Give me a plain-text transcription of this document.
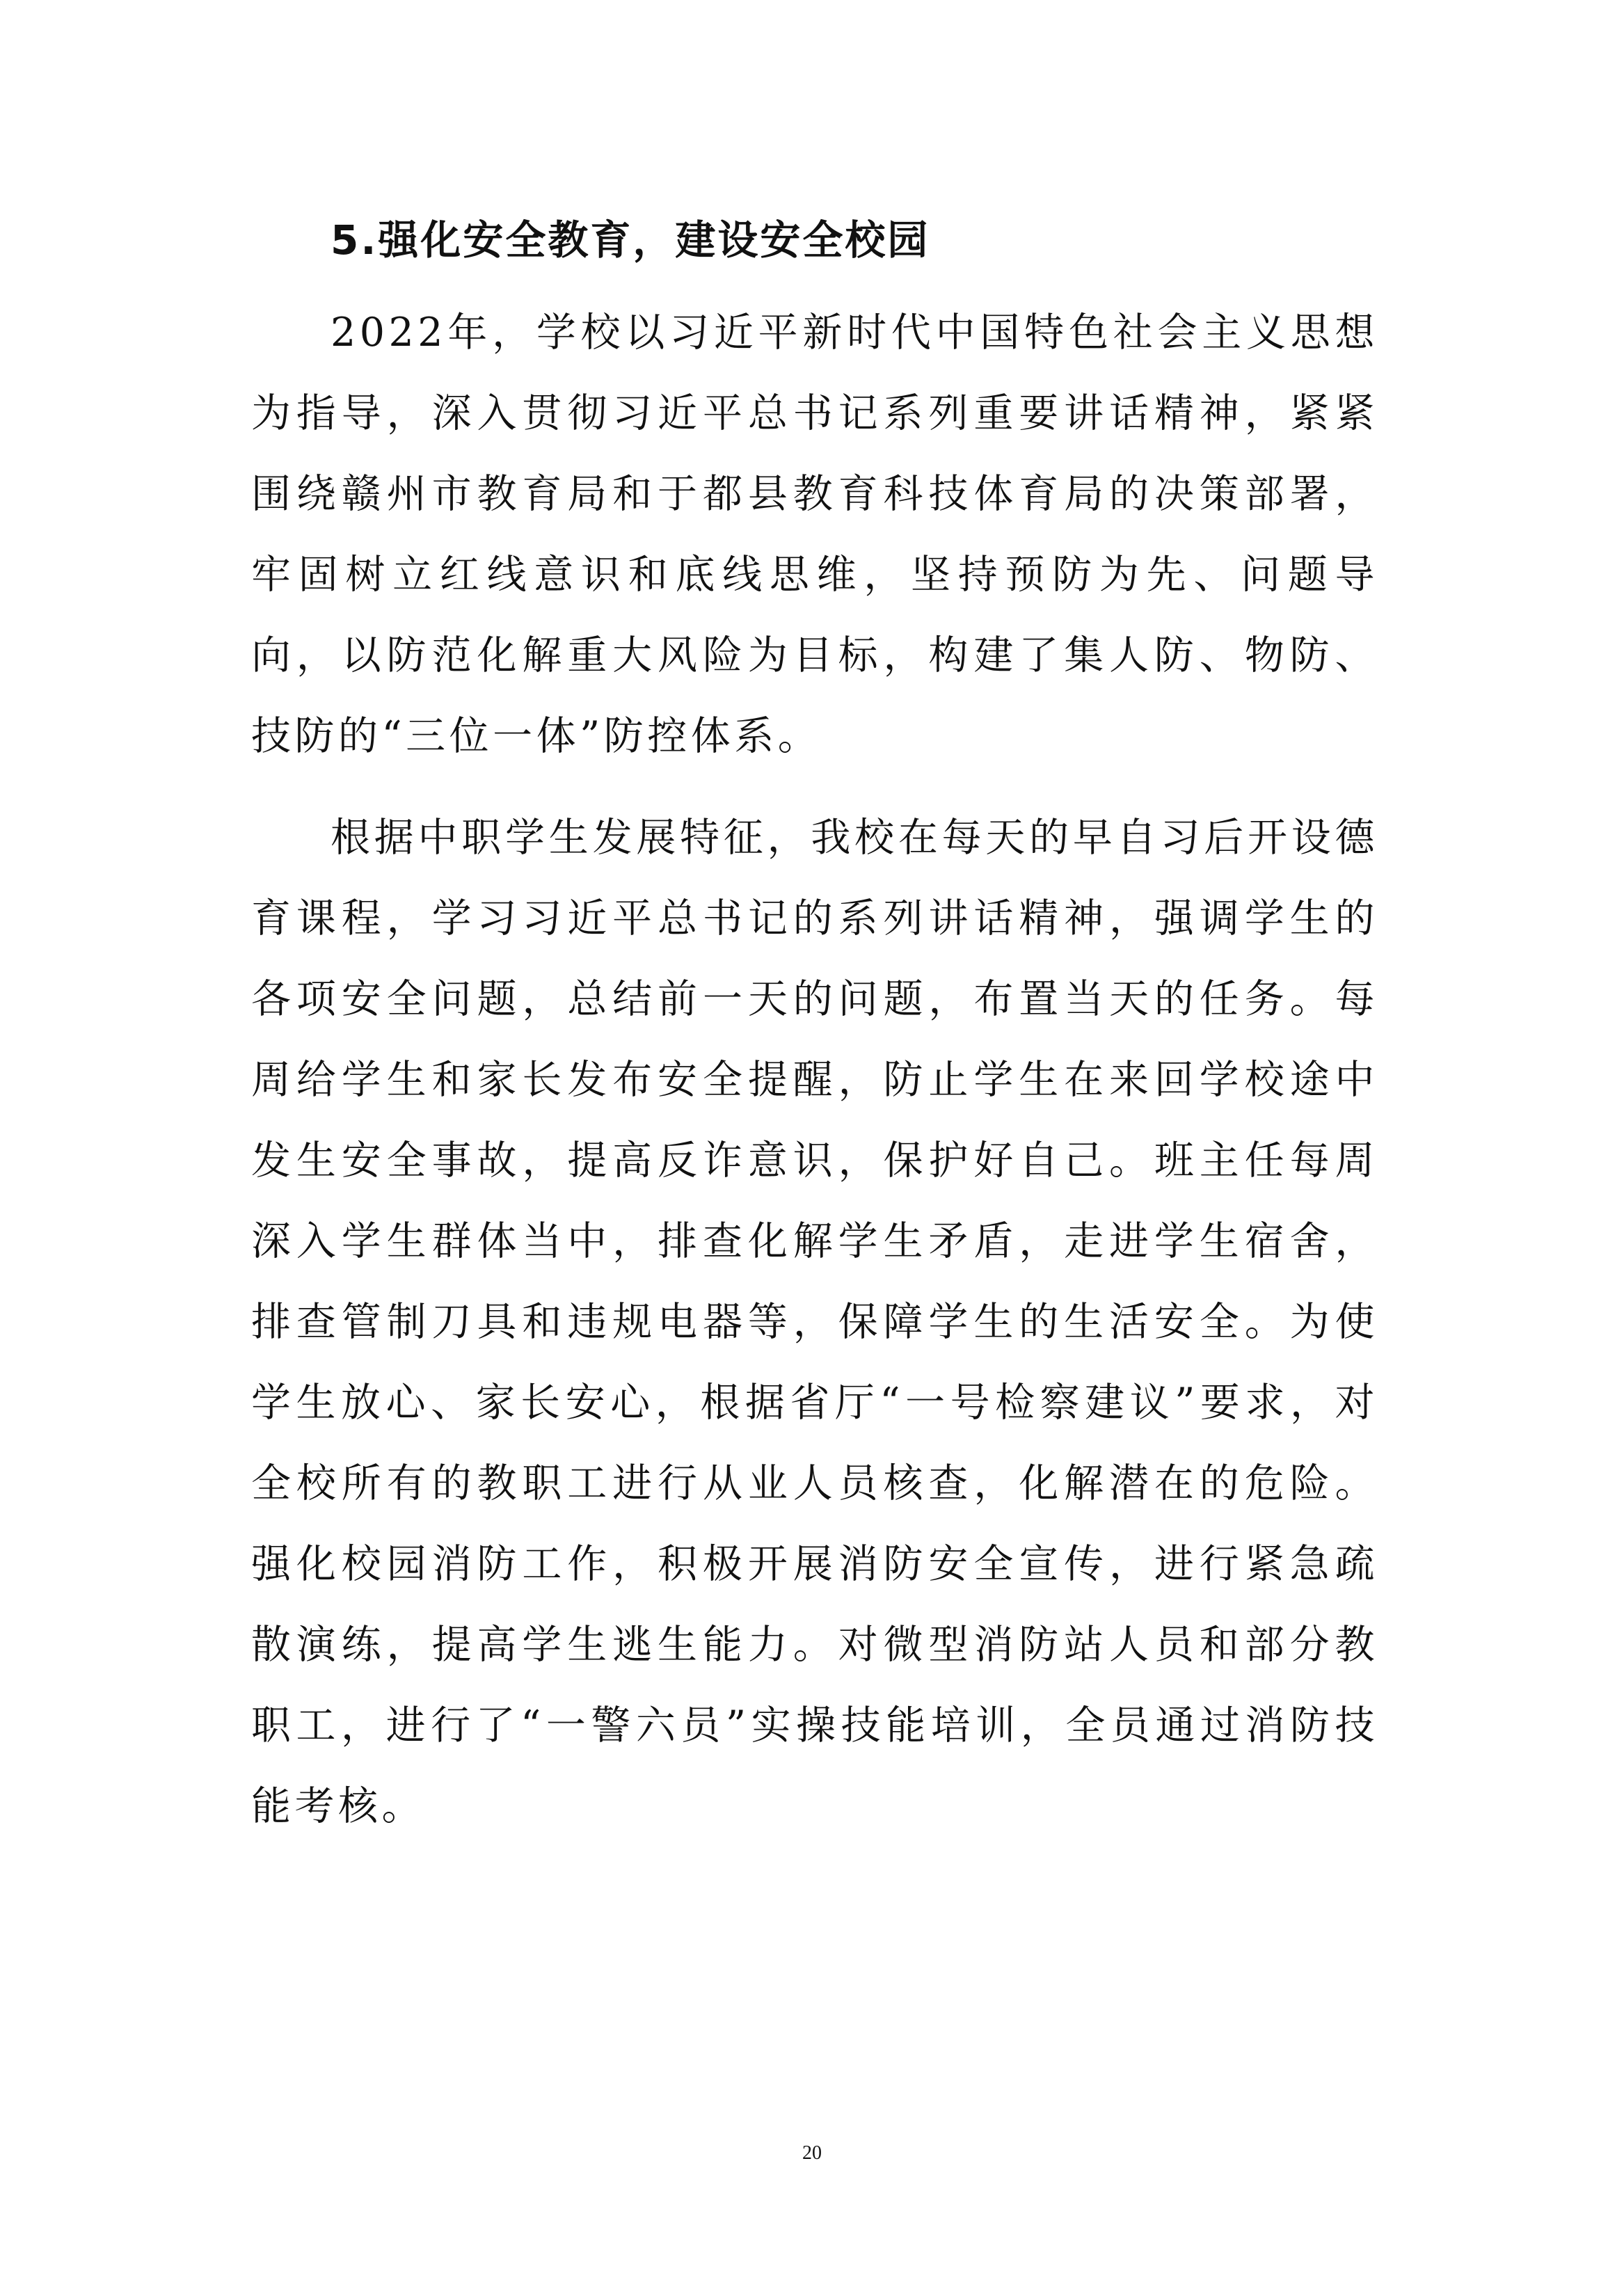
5.强化安全教育，建设安全校园

2022年，学校以习近平新时代中国特色社会主义思想为指导，深入贯彻习近平总书记系列重要讲话精神，紧紧围绕赣州市教育局和于都县教育科技体育局的决策部署，牢固树立红线意识和底线思维，坚持预防为先、问题导向，以防范化解重大风险为目标，构建了集人防、物防、技防的“三位一体”防控体系。

根据中职学生发展特征，我校在每天的早自习后开设德育课程，学习习近平总书记的系列讲话精神，强调学生的各项安全问题，总结前一天的问题，布置当天的任务。每周给学生和家长发布安全提醒，防止学生在来回学校途中发生安全事故，提高反诈意识，保护好自己。班主任每周深入学生群体当中，排查化解学生矛盾，走进学生宿舍，排查管制刀具和违规电器等，保障学生的生活安全。为使学生放心、家长安心，根据省厅“一号检察建议”要求，对全校所有的教职工进行从业人员核查，化解潜在的危险。强化校园消防工作，积极开展消防安全宣传，进行紧急疏散演练，提高学生逃生能力。对微型消防站人员和部分教职工，进行了“一警六员”实操技能培训，全员通过消防技能考核。

20
